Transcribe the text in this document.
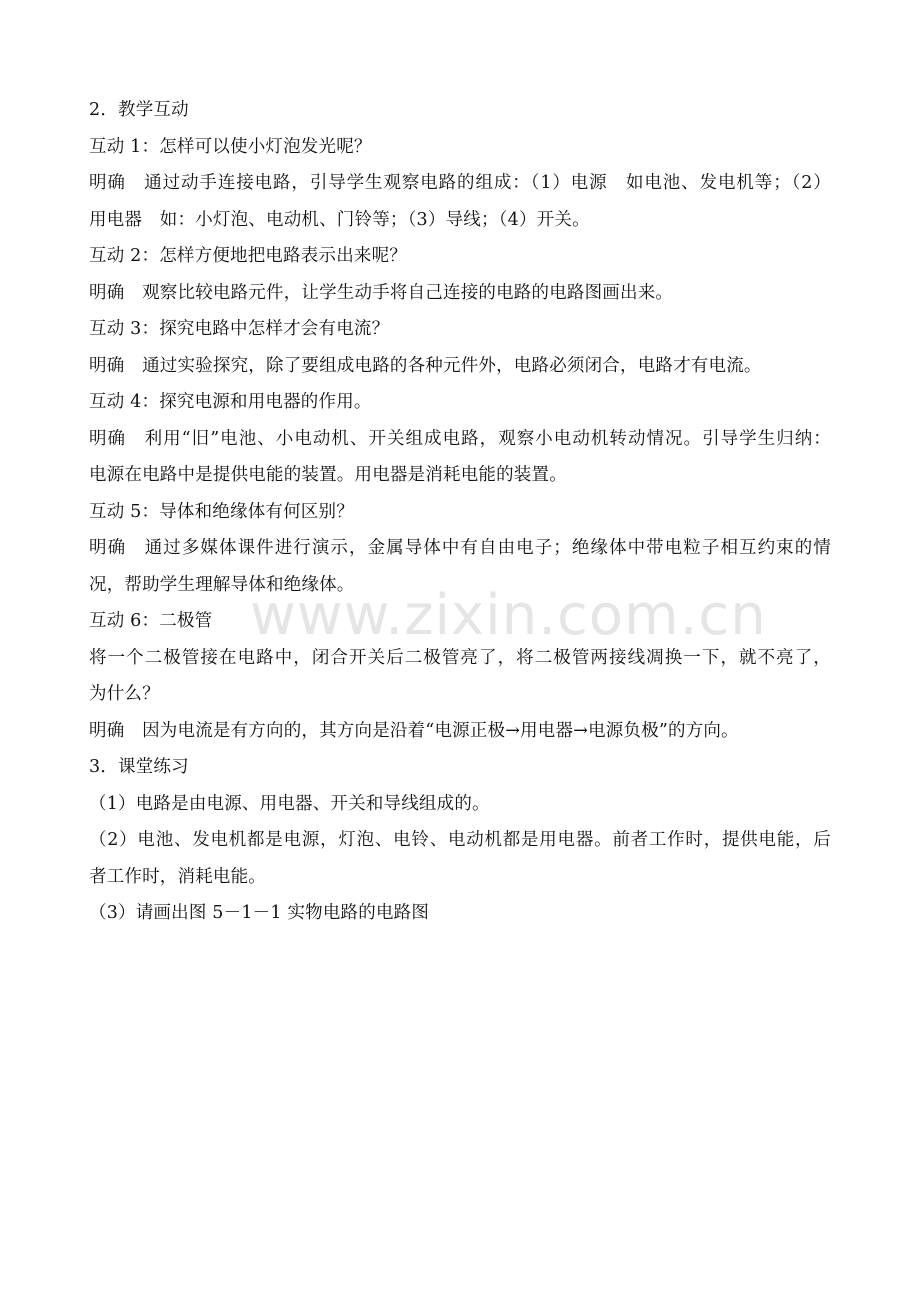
2．教学互动
互动 1：怎样可以使小灯泡发光呢？
明确　通过动手连接电路，引导学生观察电路的组成：（1）电源　如电池、发电机等；（2）
用电器　如：小灯泡、电动机、门铃等；（3）导线；（4）开关。
互动 2：怎样方便地把电路表示出来呢？
明确　观察比较电路元件，让学生动手将自己连接的电路的电路图画出来。
互动 3：探究电路中怎样才会有电流？
明确　通过实验探究，除了要组成电路的各种元件外，电路必须闭合，电路才有电流。
互动 4：探究电源和用电器的作用。
明确　利用“旧”电池、小电动机、开关组成电路，观察小电动机转动情况。引导学生归纳：
电源在电路中是提供电能的装置。用电器是消耗电能的装置。
互动 5：导体和绝缘体有何区别？
明确　通过多媒体课件进行演示，金属导体中有自由电子；绝缘体中带电粒子相互约束的情
况，帮助学生理解导体和绝缘体。
互动 6：二极管
将一个二极管接在电路中，闭合开关后二极管亮了，将二极管两接线凋换一下，就不亮了，
为什么？
明确　因为电流是有方向的，其方向是沿着“电源正极→用电器→电源负极”的方向。
3．课堂练习
（1）电路是由电源、用电器、开关和导线组成的。
（2）电池、发电机都是电源，灯泡、电铃、电动机都是用电器。前者工作时，提供电能，后
者工作时，消耗电能。
（3）请画出图 5－1－1 实物电路的电路图
www.zixin.com.cn
